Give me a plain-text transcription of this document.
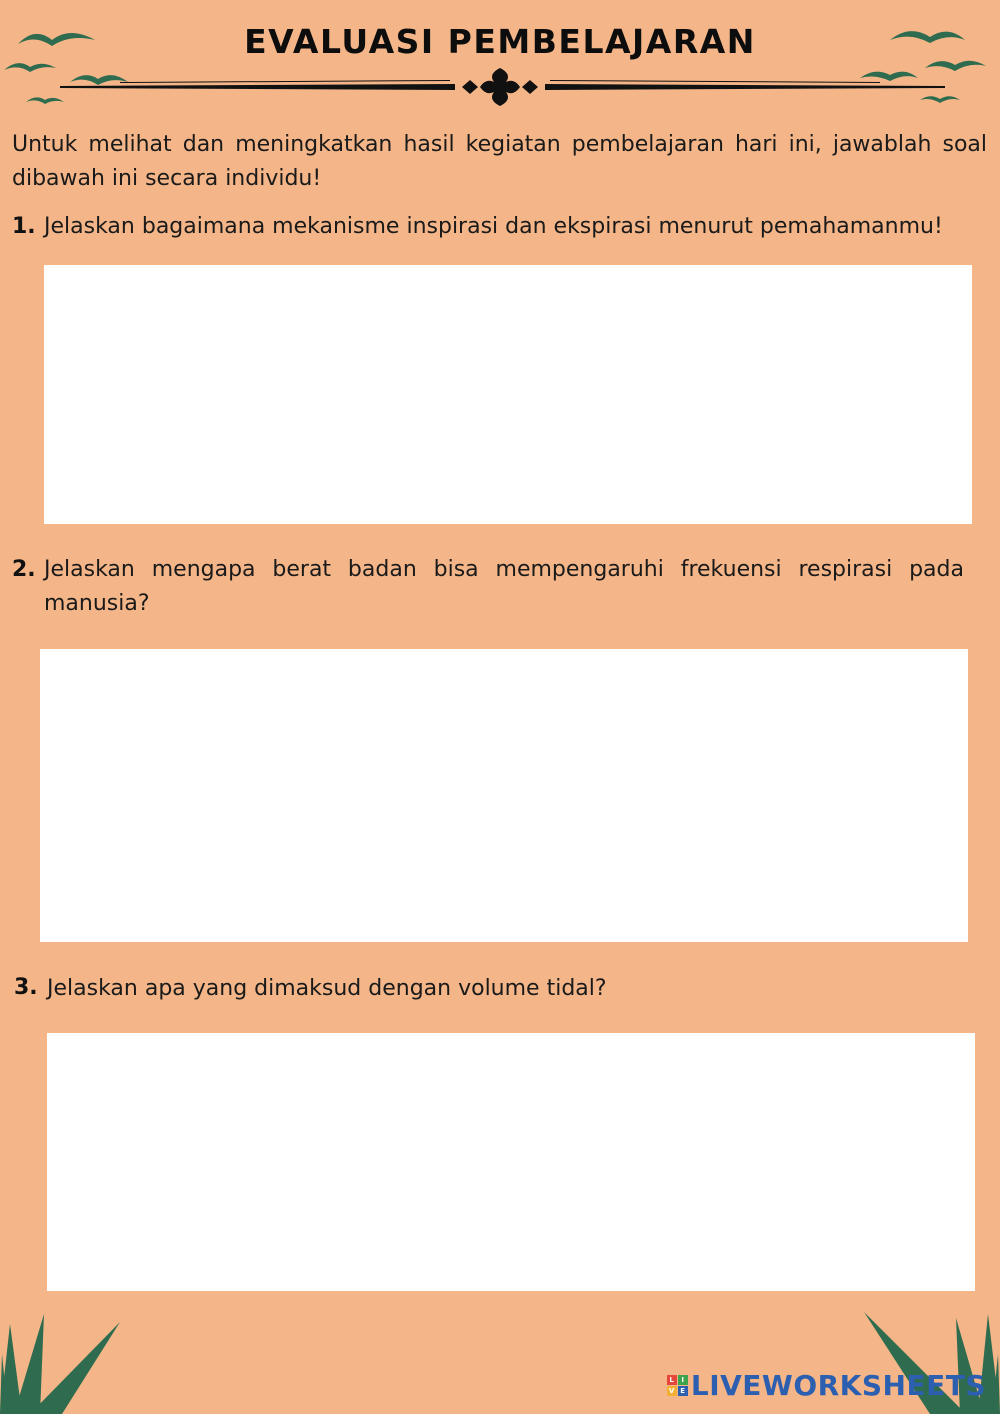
EVALUASI PEMBELAJARAN

Untuk melihat dan meningkatkan hasil kegiatan pembelajaran hari ini, jawablah soal dibawah ini secara individu!

1. Jelaskan bagaimana mekanisme inspirasi dan ekspirasi menurut pemahamanmu!

2. Jelaskan mengapa berat badan bisa mempengaruhi frekuensi respirasi pada manusia?

3. Jelaskan apa yang dimaksud dengan volume tidal?

L I
V E LIVEWORKSHEETS
